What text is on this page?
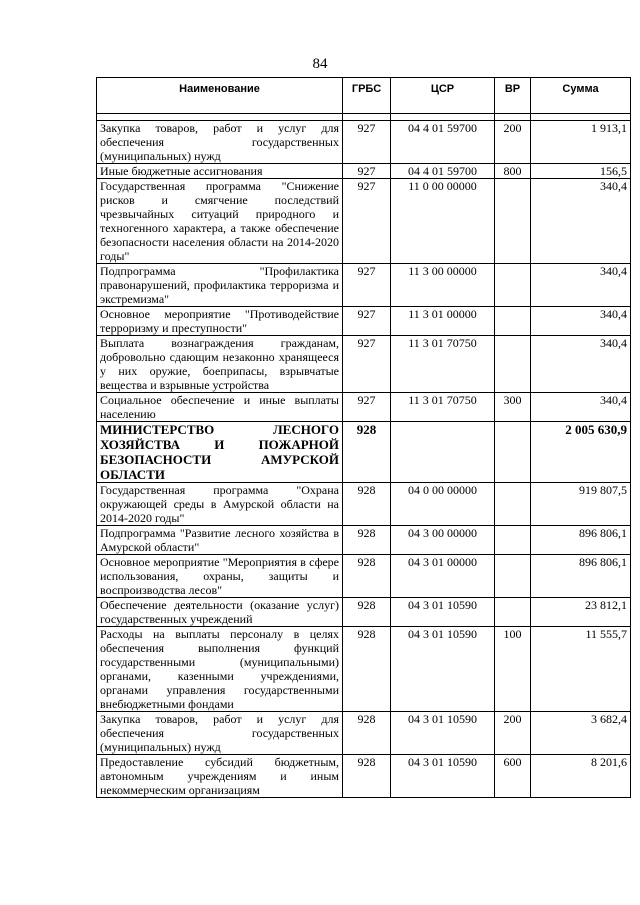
84
Наименование	ГРБС	ЦСР	ВР	Сумма

Закупка товаров, работ и услуг для обеспечения государственных (муниципальных) нужд	927	04 4 01 59700	200	1 913,1
Иные бюджетные ассигнования	927	04 4 01 59700	800	156,5
Государственная программа "Снижение рисков и смягчение последствий чрезвычайных ситуаций природного и техногенного характера, а также обеспечение безопасности населения области на 2014-2020 годы"	927	11 0 00 00000		340,4
Подпрограмма "Профилактика правонарушений, профилактика терроризма и экстремизма"	927	11 3 00 00000		340,4
Основное мероприятие "Противодействие терроризму и преступности"	927	11 3 01 00000		340,4
Выплата вознаграждения гражданам, добровольно сдающим незаконно хранящееся у них оружие, боеприпасы, взрывчатые вещества и взрывные устройства	927	11 3 01 70750		340,4
Социальное обеспечение и иные выплаты населению	927	11 3 01 70750	300	340,4
МИНИСТЕРСТВО ЛЕСНОГО ХОЗЯЙСТВА И ПОЖАРНОЙ БЕЗОПАСНОСТИ АМУРСКОЙ ОБЛАСТИ	928			2 005 630,9
Государственная программа "Охрана окружающей среды в Амурской области на 2014-2020 годы"	928	04 0 00 00000		919 807,5
Подпрограмма "Развитие лесного хозяйства в Амурской области"	928	04 3 00 00000		896 806,1
Основное мероприятие "Мероприятия в сфере использования, охраны, защиты и воспроизводства лесов"	928	04 3 01 00000		896 806,1
Обеспечение деятельности (оказание услуг) государственных учреждений	928	04 3 01 10590		23 812,1
Расходы на выплаты персоналу в целях обеспечения выполнения функций государственными (муниципальными) органами, казенными учреждениями, органами управления государственными внебюджетными фондами	928	04 3 01 10590	100	11 555,7
Закупка товаров, работ и услуг для обеспечения государственных (муниципальных) нужд	928	04 3 01 10590	200	3 682,4
Предоставление субсидий бюджетным, автономным учреждениям и иным некоммерческим организациям	928	04 3 01 10590	600	8 201,6
